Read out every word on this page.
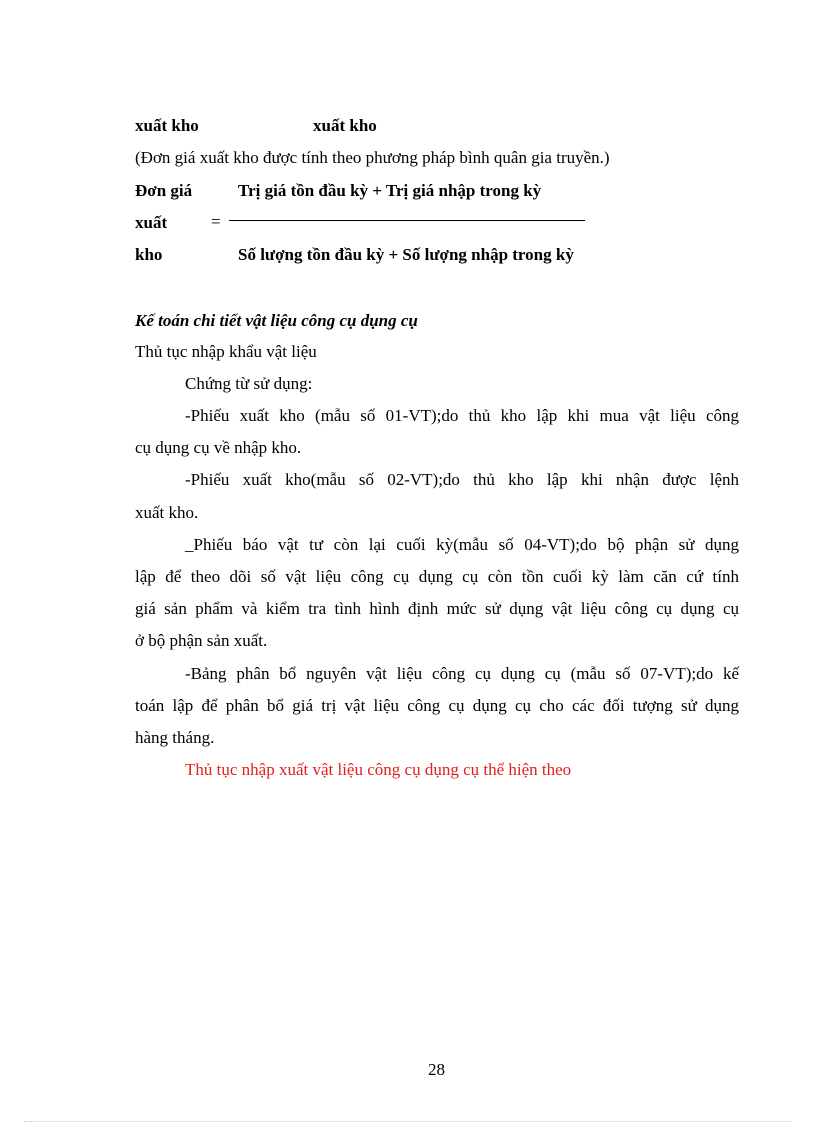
xuất kho	xuất kho
(Đơn giá xuất kho được tính theo phương pháp bình quân gia truyền.)
Đơn giá	Trị giá tồn đầu kỳ + Trị giá nhập trong kỳ
xuất	=
kho	Số lượng tồn đầu kỳ + Số lượng nhập trong kỳ
Kế toán chi tiết vật liệu công cụ dụng cụ
Thủ tục nhập khẩu vật liệu
Chứng từ sử dụng:
-Phiếu xuất kho (mẫu số 01-VT);do thủ kho lập khi mua vật liệu công
cụ dụng cụ về nhập kho.
-Phiếu xuất kho(mẫu số 02-VT);do thủ kho lập khi nhận được lệnh
xuất kho.
_Phiếu báo vật tư còn lại cuối kỳ(mẫu số 04-VT);do bộ phận sử dụng
lập để theo dõi số vật liệu công cụ dụng cụ còn tồn cuối kỳ làm căn cứ tính
giá sản phẩm và kiểm tra tình hình định mức sử dụng vật liệu công cụ dụng cụ
ở bộ phận sản xuất.
-Bảng phân bổ nguyên vật liệu công cụ dụng cụ (mẫu số 07-VT);do kế
toán lập để phân bổ giá trị vật liệu công cụ dụng cụ cho các đối tượng sử dụng
hàng tháng.
Thủ tục nhập xuất vật liệu công cụ dụng cụ thể hiện theo
28
